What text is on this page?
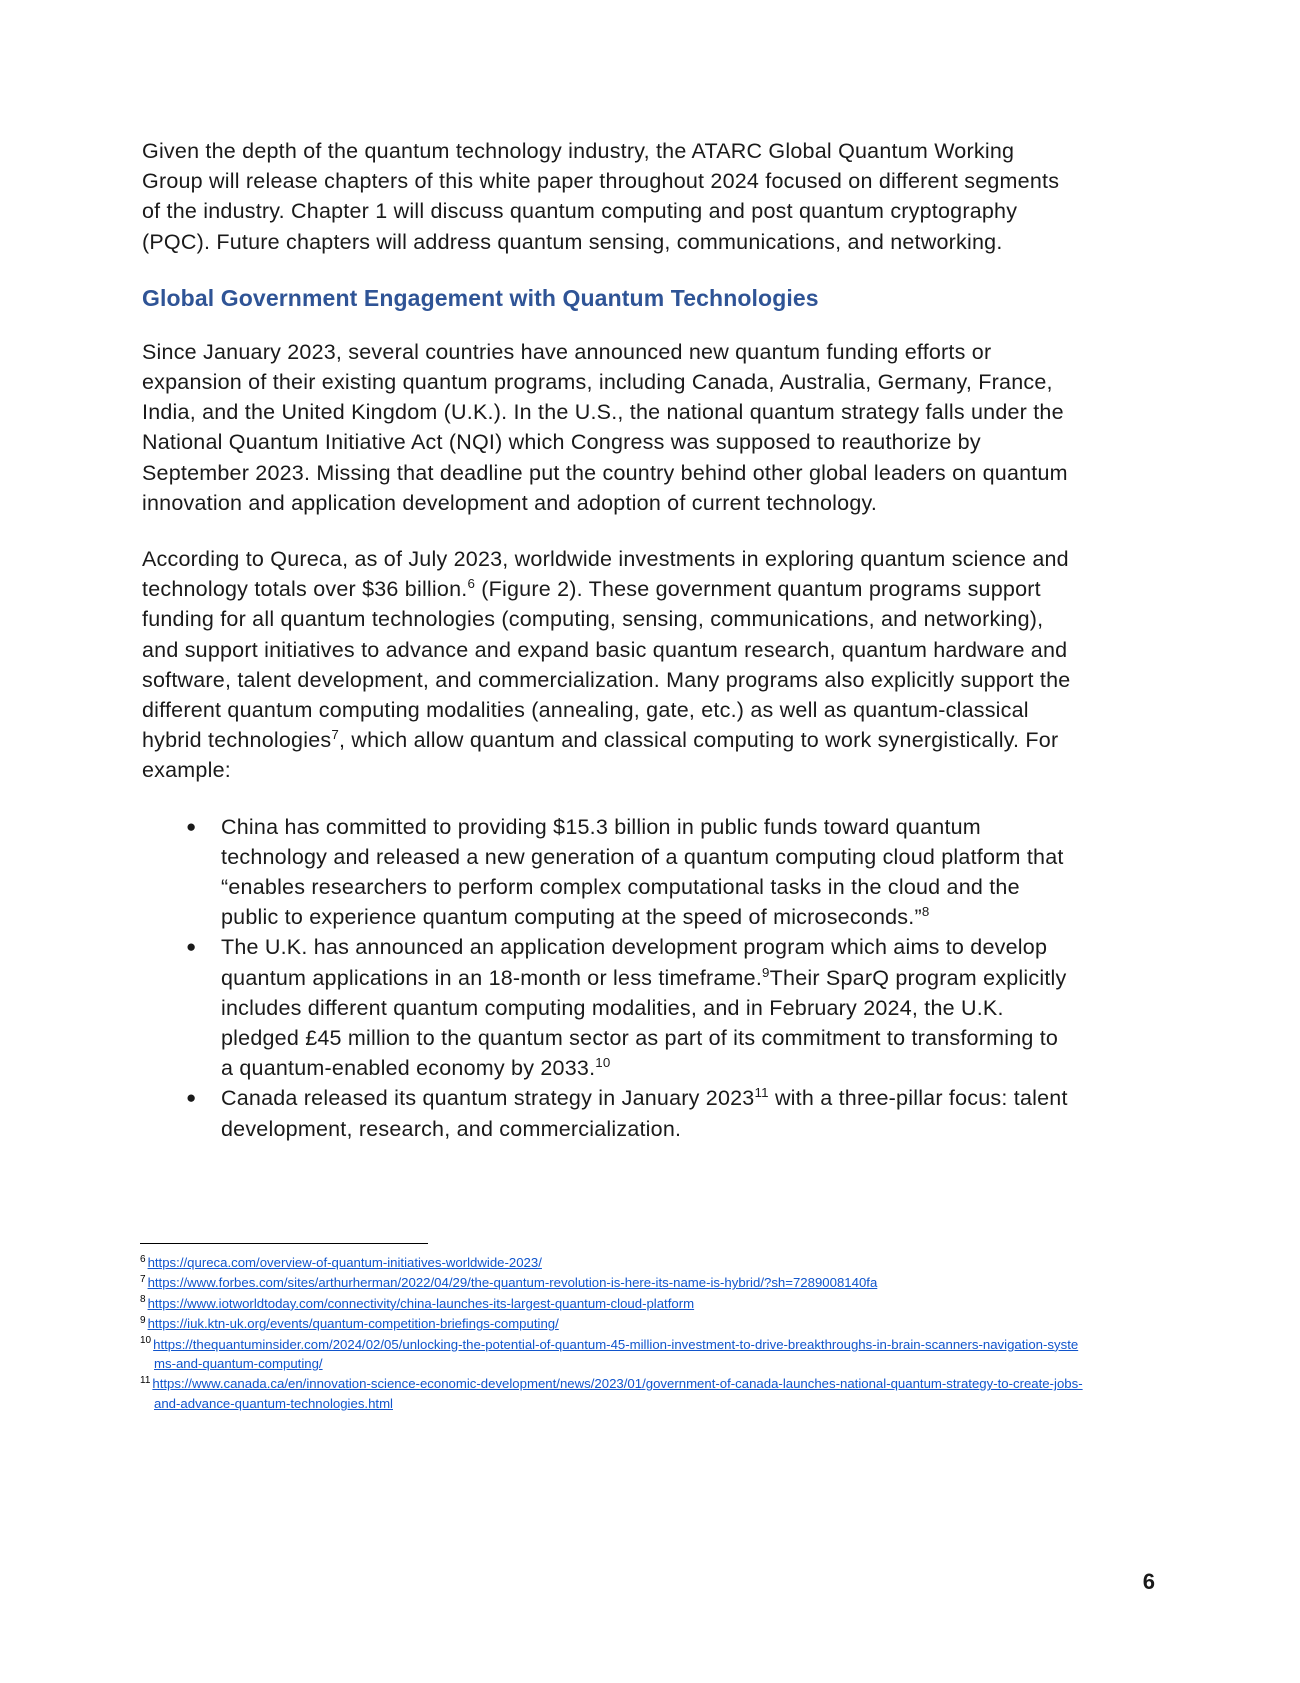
Given the depth of the quantum technology industry, the ATARC Global Quantum Working Group will release chapters of this white paper throughout 2024 focused on different segments of the industry. Chapter 1 will discuss quantum computing and post quantum cryptography (PQC). Future chapters will address quantum sensing, communications, and networking.

Global Government Engagement with Quantum Technologies

Since January 2023, several countries have announced new quantum funding efforts or expansion of their existing quantum programs, including Canada, Australia, Germany, France, India, and the United Kingdom (U.K.). In the U.S., the national quantum strategy falls under the National Quantum Initiative Act (NQI) which Congress was supposed to reauthorize by September 2023. Missing that deadline put the country behind other global leaders on quantum innovation and application development and adoption of current technology.

According to Qureca, as of July 2023, worldwide investments in exploring quantum science and technology totals over $36 billion.$^6$ (Figure 2). These government quantum programs support funding for all quantum technologies (computing, sensing, communications, and networking), and support initiatives to advance and expand basic quantum research, quantum hardware and software, talent development, and commercialization. Many programs also explicitly support the different quantum computing modalities (annealing, gate, etc.) as well as quantum-classical hybrid technologies$^7$, which allow quantum and classical computing to work synergistically. For example:

● China has committed to providing $15.3 billion in public funds toward quantum technology and released a new generation of a quantum computing cloud platform that “enables researchers to perform complex computational tasks in the cloud and the public to experience quantum computing at the speed of microseconds.”$^8$
● The U.K. has announced an application development program which aims to develop quantum applications in an 18-month or less timeframe.$^9$Their SparQ program explicitly includes different quantum computing modalities, and in February 2024, the U.K. pledged £45 million to the quantum sector as part of its commitment to transforming to a quantum-enabled economy by 2033.10
● Canada released its quantum strategy in January 2023$^{11}$ with a three-pillar focus: talent development, research, and commercialization.
$^6$ https://qureca.com/overview-of-quantum-initiatives-worldwide-2023/
$^7$ https://www.forbes.com/sites/arthurherman/2022/04/29/the-quantum-revolution-is-here-its-name-is-hybrid/?sh=7289008140fa
$^8$ https://www.iotworldtoday.com/connectivity/china-launches-its-largest-quantum-cloud-platform
$^9$ https://iuk.ktn-uk.org/events/quantum-competition-briefings-computing/
$^{10}$ https://thequantuminsider.com/2024/02/05/unlocking-the-potential-of-quantum-45-million-investment-to-drive-breakthroughs-in-brain-scanners-navigation-systems-and-quantum-computing/
$^{11}$ https://www.canada.ca/en/innovation-science-economic-development/news/2023/01/government-of-canada-launches-national-quantum-strategy-to-create-jobs-and-advance-quantum-technologies.html
6
